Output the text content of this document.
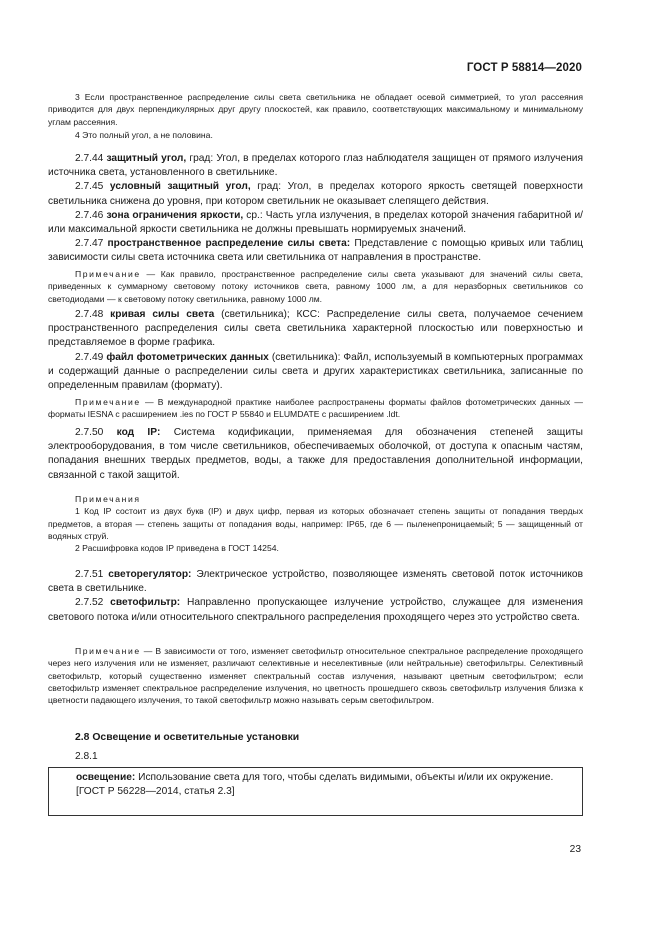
ГОСТ Р 58814—2020

3 Если пространственное распределение силы света светильника не обладает осевой симметрией, то угол рассеяния приводится для двух перпендикулярных друг другу плоскостей, как правило, соответствующих максимальному и минимальному углам рассеяния.

4 Это полный угол, а не половина.

2.7.44 защитный угол, град: Угол, в пределах которого глаз наблюдателя защищен от прямого излучения источника света, установленного в светильнике.

2.7.45 условный защитный угол, град: Угол, в пределах которого яркость светящей поверхности светильника снижена до уровня, при котором светильник не оказывает слепящего действия.

2.7.46 зона ограничения яркости, ср.: Часть угла излучения, в пределах которой значения габаритной и/или максимальной яркости светильника не должны превышать нормируемых значений.

2.7.47 пространственное распределение силы света: Представление с помощью кривых или таблиц зависимости силы света источника света или светильника от направления в пространстве.

Примечание — Как правило, пространственное распределение силы света указывают для значений силы света, приведенных к суммарному световому потоку источников света, равному 1000 лм, а для неразборных светильников со светодиодами — к световому потоку светильника, равному 1000 лм.

2.7.48 кривая силы света (светильника); КСС: Распределение силы света, получаемое сечением пространственного распределения силы света светильника характерной плоскостью или поверхностью и представляемое в форме графика.

2.7.49 файл фотометрических данных (светильника): Файл, используемый в компьютерных программах и содержащий данные о распределении силы света и других характеристиках светильника, записанные по определенным правилам (формату).

Примечание — В международной практике наиболее распространены форматы файлов фотометрических данных — форматы IESNA с расширением .ies по ГОСТ Р 55840 и ELUMDATE с расширением .ldt.

2.7.50 код IP: Система кодификации, применяемая для обозначения степеней защиты электрооборудования, в том числе светильников, обеспечиваемых оболочкой, от доступа к опасным частям, попадания внешних твердых предметов, воды, а также для предоставления дополнительной информации, связанной с такой защитой.

Примечания

1 Код IP состоит из двух букв (IP) и двух цифр, первая из которых обозначает степень защиты от попадания твердых предметов, а вторая — степень защиты от попадания воды, например: IP65, где 6 — пыленепроницаемый; 5 — защищенный от водяных струй.

2 Расшифровка кодов IP приведена в ГОСТ 14254.

2.7.51 светорегулятор: Электрическое устройство, позволяющее изменять световой поток источников света в светильнике.

2.7.52 светофильтр: Направленно пропускающее излучение устройство, служащее для изменения светового потока и/или относительного спектрального распределения проходящего через это устройство света.

Примечание — В зависимости от того, изменяет светофильтр относительное спектральное распределение проходящего через него излучения или не изменяет, различают селективные и неселективные (или нейтральные) светофильтры. Селективный светофильтр, который существенно изменяет спектральный состав излучения, называют цветным светофильтром; если светофильтр изменяет спектральное распределение излучения, но цветность прошедшего сквозь светофильтр излучения близка к цветности падающего излучения, то такой светофильтр можно называть серым светофильтром.

2.8 Освещение и осветительные установки

2.8.1

освещение: Использование света для того, чтобы сделать видимыми, объекты и/или их окружение.

[ГОСТ Р 56228—2014, статья 2.3]

23
